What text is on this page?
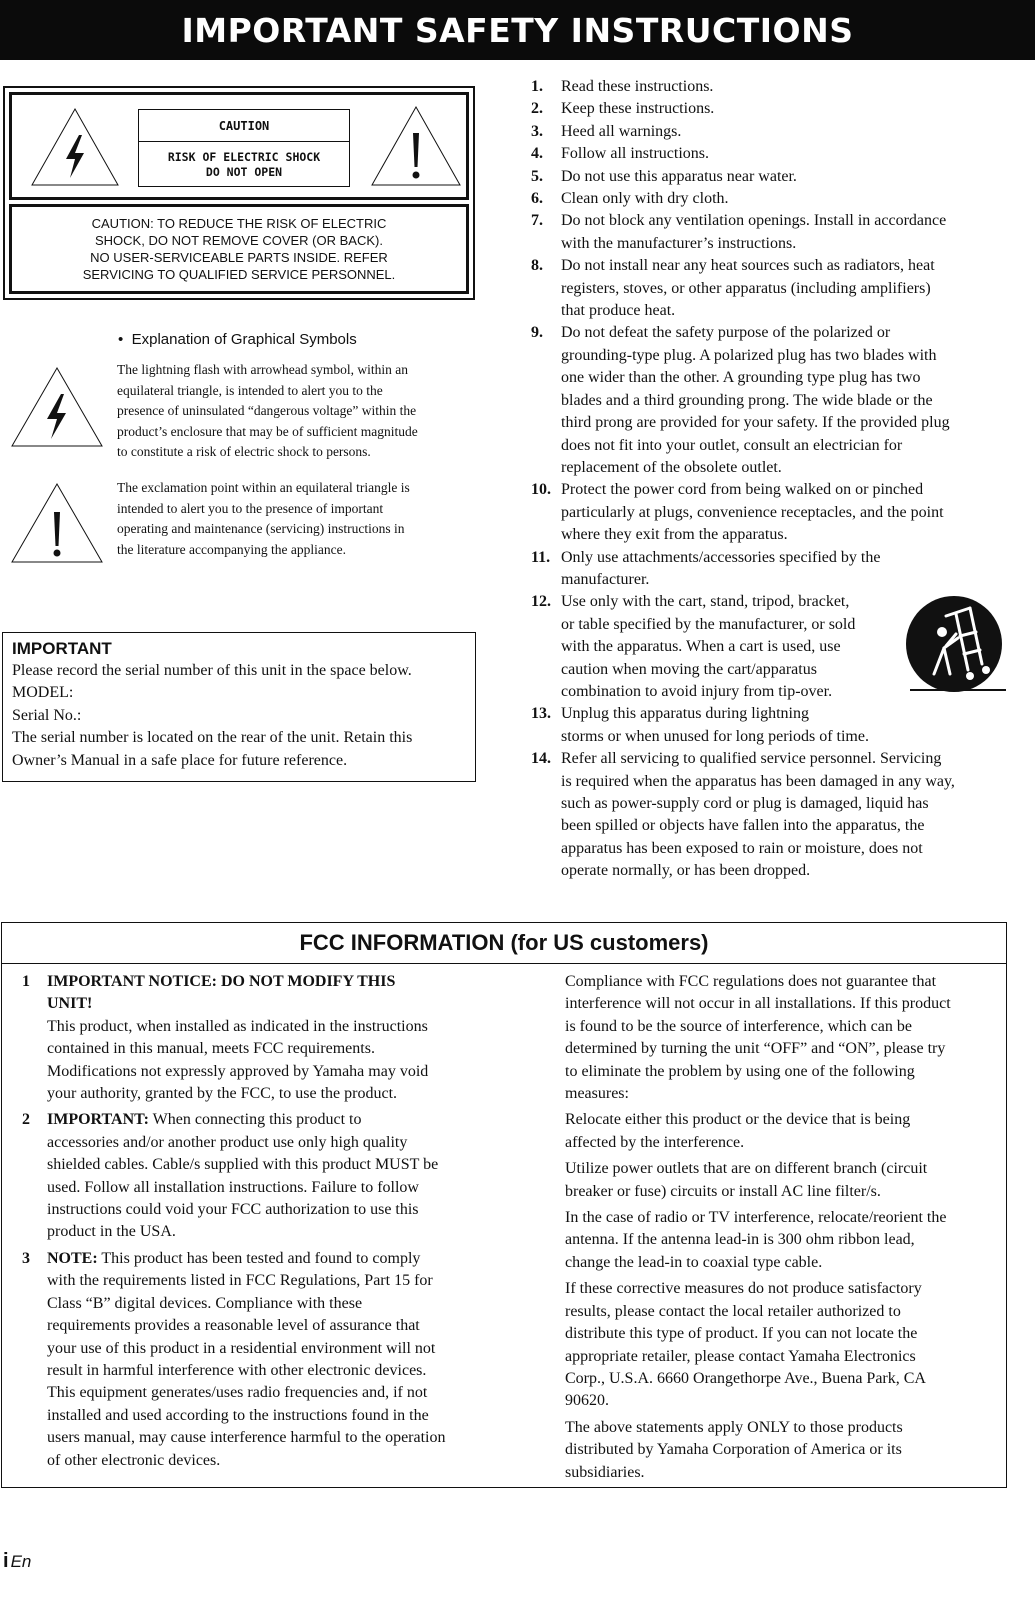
IMPORTANT SAFETY INSTRUCTIONS
CAUTION
RISK OF ELECTRIC SHOCK
DO NOT OPEN
CAUTION: TO REDUCE THE RISK OF ELECTRIC
SHOCK, DO NOT REMOVE COVER (OR BACK).
NO USER-SERVICEABLE PARTS INSIDE. REFER
SERVICING TO QUALIFIED SERVICE PERSONNEL.
• Explanation of Graphical Symbols
The lightning flash with arrowhead symbol, within an
equilateral triangle, is intended to alert you to the
presence of uninsulated “dangerous voltage” within the
product’s enclosure that may be of sufficient magnitude
to constitute a risk of electric shock to persons.
The exclamation point within an equilateral triangle is
intended to alert you to the presence of important
operating and maintenance (servicing) instructions in
the literature accompanying the appliance.
IMPORTANT
Please record the serial number of this unit in the space below.
MODEL:
Serial No.:
The serial number is located on the rear of the unit. Retain this
Owner’s Manual in a safe place for future reference.
1. Read these instructions.
2. Keep these instructions.
3. Heed all warnings.
4. Follow all instructions.
5. Do not use this apparatus near water.
6. Clean only with dry cloth.
7. Do not block any ventilation openings. Install in accordance
with the manufacturer’s instructions.
8. Do not install near any heat sources such as radiators, heat
registers, stoves, or other apparatus (including amplifiers)
that produce heat.
9. Do not defeat the safety purpose of the polarized or
grounding-type plug. A polarized plug has two blades with
one wider than the other. A grounding type plug has two
blades and a third grounding prong. The wide blade or the
third prong are provided for your safety. If the provided plug
does not fit into your outlet, consult an electrician for
replacement of the obsolete outlet.
10. Protect the power cord from being walked on or pinched
particularly at plugs, convenience receptacles, and the point
where they exit from the apparatus.
11. Only use attachments/accessories specified by the
manufacturer.
12. Use only with the cart, stand, tripod, bracket,
or table specified by the manufacturer, or sold
with the apparatus. When a cart is used, use
caution when moving the cart/apparatus
combination to avoid injury from tip-over.
13. Unplug this apparatus during lightning
storms or when unused for long periods of time.
14. Refer all servicing to qualified service personnel. Servicing
is required when the apparatus has been damaged in any way,
such as power-supply cord or plug is damaged, liquid has
been spilled or objects have fallen into the apparatus, the
apparatus has been exposed to rain or moisture, does not
operate normally, or has been dropped.
FCC INFORMATION (for US customers)
1 IMPORTANT NOTICE: DO NOT MODIFY THIS
UNIT!
This product, when installed as indicated in the instructions
contained in this manual, meets FCC requirements.
Modifications not expressly approved by Yamaha may void
your authority, granted by the FCC, to use the product.
2 IMPORTANT: When connecting this product to
accessories and/or another product use only high quality
shielded cables. Cable/s supplied with this product MUST be
used. Follow all installation instructions. Failure to follow
instructions could void your FCC authorization to use this
product in the USA.
3 NOTE: This product has been tested and found to comply
with the requirements listed in FCC Regulations, Part 15 for
Class “B” digital devices. Compliance with these
requirements provides a reasonable level of assurance that
your use of this product in a residential environment will not
result in harmful interference with other electronic devices.
This equipment generates/uses radio frequencies and, if not
installed and used according to the instructions found in the
users manual, may cause interference harmful to the operation
of other electronic devices.

Compliance with FCC regulations does not guarantee that
interference will not occur in all installations. If this product
is found to be the source of interference, which can be
determined by turning the unit “OFF” and “ON”, please try
to eliminate the problem by using one of the following
measures:

Relocate either this product or the device that is being
affected by the interference.

Utilize power outlets that are on different branch (circuit
breaker or fuse) circuits or install AC line filter/s.

In the case of radio or TV interference, relocate/reorient the
antenna. If the antenna lead-in is 300 ohm ribbon lead,
change the lead-in to coaxial type cable.

If these corrective measures do not produce satisfactory
results, please contact the local retailer authorized to
distribute this type of product. If you can not locate the
appropriate retailer, please contact Yamaha Electronics
Corp., U.S.A. 6660 Orangethorpe Ave., Buena Park, CA
90620.

The above statements apply ONLY to those products
distributed by Yamaha Corporation of America or its
subsidiaries.

i En
